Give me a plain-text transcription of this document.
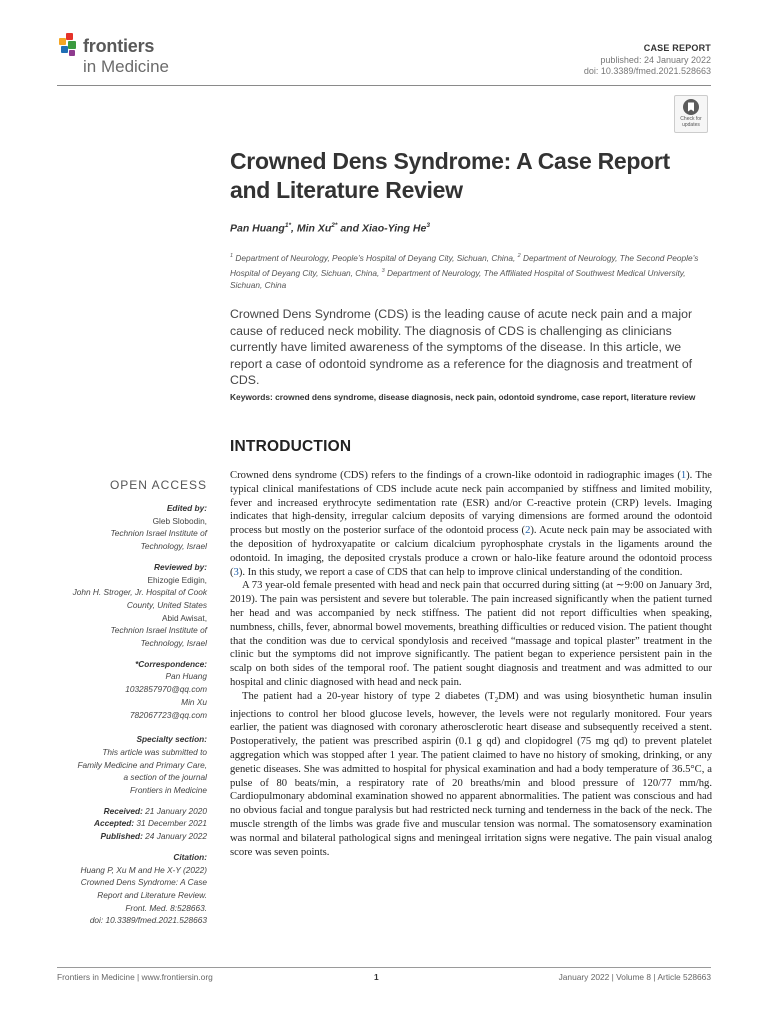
frontiers
in Medicine
CASE REPORT
published: 24 January 2022
doi: 10.3389/fmed.2021.528663
Check for updates
Crowned Dens Syndrome: A Case Report and Literature Review
Pan Huang$^{1*}$, Min $Xu^{2*}$ and Xiao-Ying He$^3$
$^1$ Department of Neurology, People’s Hospital of Deyang City, Sichuan, China, $^2$ Department of Neurology, The Second People’s Hospital of Deyang City, Sichuan, China, $^3$ Department of Neurology, The Affiliated Hospital of Southwest Medical University, Sichuan, China
Crowned Dens Syndrome (CDS) is the leading cause of acute neck pain and a major cause of reduced neck mobility. The diagnosis of CDS is challenging as clinicians currently have limited awareness of the symptoms of the disease. In this article, we report a case of odontoid syndrome as a reference for the diagnosis and treatment of CDS.
Keywords: crowned dens syndrome, disease diagnosis, neck pain, odontoid syndrome, case report, literature review
INTRODUCTION
OPEN ACCESS
Edited by:
Gleb Slobodin,
Technion Israel Institute of
Technology, Israel
Reviewed by:
Ehizogie Edigin,
John H. Stroger, Jr. Hospital of Cook
County, United States
Abid Awisat,
Technion Israel Institute of
Technology, Israel
*Correspondence:
Pan Huang
1032857970@qq.com
Min Xu
782067723@qq.com
Specialty section:
This article was submitted to
Family Medicine and Primary Care,
a section of the journal
Frontiers in Medicine
Received: 21 January 2020
Accepted: 31 December 2021
Published: 24 January 2022
Citation:
Huang P, Xu M and He X-Y (2022)
Crowned Dens Syndrome: A Case
Report and Literature Review.
Front. Med. 8:528663.
doi: 10.3389/fmed.2021.528663

Crowned dens syndrome (CDS) refers to the findings of a crown-like odontoid in radiographic images (1). The typical clinical manifestations of CDS include acute neck pain accompanied by stiffness and limited mobility, fever and increased erythrocyte sedimentation rate (ESR) and/or C-reactive protein (CRP) levels. Imaging indicates that high-density, irregular calcium deposits of varying dimensions are formed around the odontoid process but mostly on the posterior surface of the odontoid process (2). Acute neck pain may be associated with the deposition of hydroxyapatite or calcium dicalcium pyrophosphate crystals in the ligaments around the odontoid. In imaging, the deposited crystals produce a crown or halo-like feature around the odontoid process (3). In this study, we report a case of CDS that can help to improve clinical understanding of the condition.

A 73 year-old female presented with head and neck pain that occurred during sitting (at ∼9:00 on January 3rd, 2019). The pain was persistent and severe but tolerable. The pain increased significantly when the patient turned her head and was accompanied by neck stiffness. The patient did not report difficulties when speaking, numbness, chills, fever, abnormal bowel movements, breathing difficulties or reduced vision. The patient thought that the condition was due to cervical spondylosis and received “massage and topical plaster” treatment in the clinic but the symptoms did not improve significantly. The patient began to experience persistent pain in the scalp on both sides of the temporal roof. The patient sought diagnosis and treatment and was admitted to our hospital and clinic diagnosed with head and neck pain.

The patient had a 20-year history of type 2 diabetes $(T_2DM)$ and was using biosynthetic human insulin injections to control her blood glucose levels, however, the levels were not regularly monitored. Four years earlier, the patient was diagnosed with coronary atherosclerotic heart disease and subsequently received a stent. Postoperatively, the patient was prescribed aspirin (0.1 g qd) and clopidogrel (75 mg qd) to prevent platelet aggregation which was stopped after 1 year. The patient claimed to have no history of smoking, drinking, or any genetic diseases. She was admitted to hospital for physical examination and had a body temperature of 36.5°C, a pulse of 80 beats/min, a respiratory rate of 20 breaths/min and blood pressure of 120/77 mm/hg. Cardiopulmonary abdominal examination showed no apparent abnormalities. The patient was conscious and had no obvious facial and tongue paralysis but had restricted neck turning and tenderness in the back of the neck. The muscle strength of the limbs was grade five and muscular tension was normal. The somatosensory examination was normal and bilateral pathological signs and meningeal irritation signs were negative. The pain visual analog score was seven points.

Frontiers in Medicine | www.frontiersin.org	1	January 2022 | Volume 8 | Article 528663
